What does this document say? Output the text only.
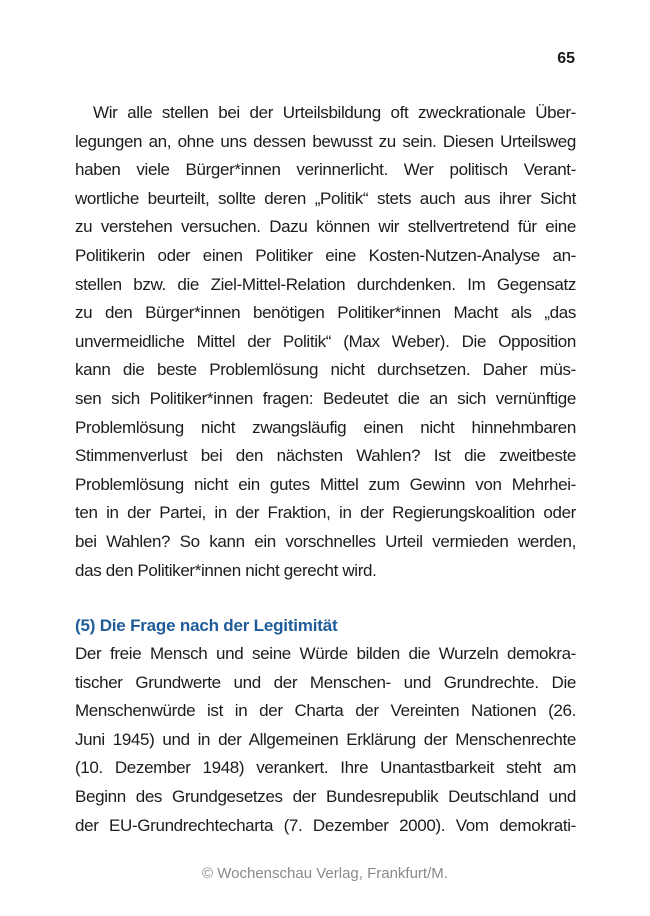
65

Wir alle stellen bei der Urteilsbildung oft zweckrationale Über-
legungen an, ohne uns dessen bewusst zu sein. Diesen Urteilsweg
haben viele Bürger*innen verinnerlicht. Wer politisch Verant-
wortliche beurteilt, sollte deren „Politik“ stets auch aus ihrer Sicht
zu verstehen versuchen. Dazu können wir stellvertretend für eine
Politikerin oder einen Politiker eine Kosten-Nutzen-Analyse an-
stellen bzw. die Ziel-Mittel-Relation durchdenken. Im Gegensatz
zu den Bürger*innen benötigen Politiker*innen Macht als „das
unvermeidliche Mittel der Politik“ (Max Weber). Die Opposition
kann die beste Problemlösung nicht durchsetzen. Daher müs-
sen sich Politiker*innen fragen: Bedeutet die an sich vernünftige
Problemlösung nicht zwangsläufig einen nicht hinnehmbaren
Stimmenverlust bei den nächsten Wahlen? Ist die zweitbeste
Problemlösung nicht ein gutes Mittel zum Gewinn von Mehrhei-
ten in der Partei, in der Fraktion, in der Regierungskoalition oder
bei Wahlen? So kann ein vorschnelles Urteil vermieden werden,
das den Politiker*innen nicht gerecht wird.

(5) Die Frage nach der Legitimität

Der freie Mensch und seine Würde bilden die Wurzeln demokra-
tischer Grundwerte und der Menschen- und Grundrechte. Die
Menschenwürde ist in der Charta der Vereinten Nationen (26.
Juni 1945) und in der Allgemeinen Erklärung der Menschenrechte
(10. Dezember 1948) verankert. Ihre Unantastbarkeit steht am
Beginn des Grundgesetzes der Bundesrepublik Deutschland und
der EU-Grundrechtecharta (7. Dezember 2000). Vom demokrati-

© Wochenschau Verlag, Frankfurt/M.
